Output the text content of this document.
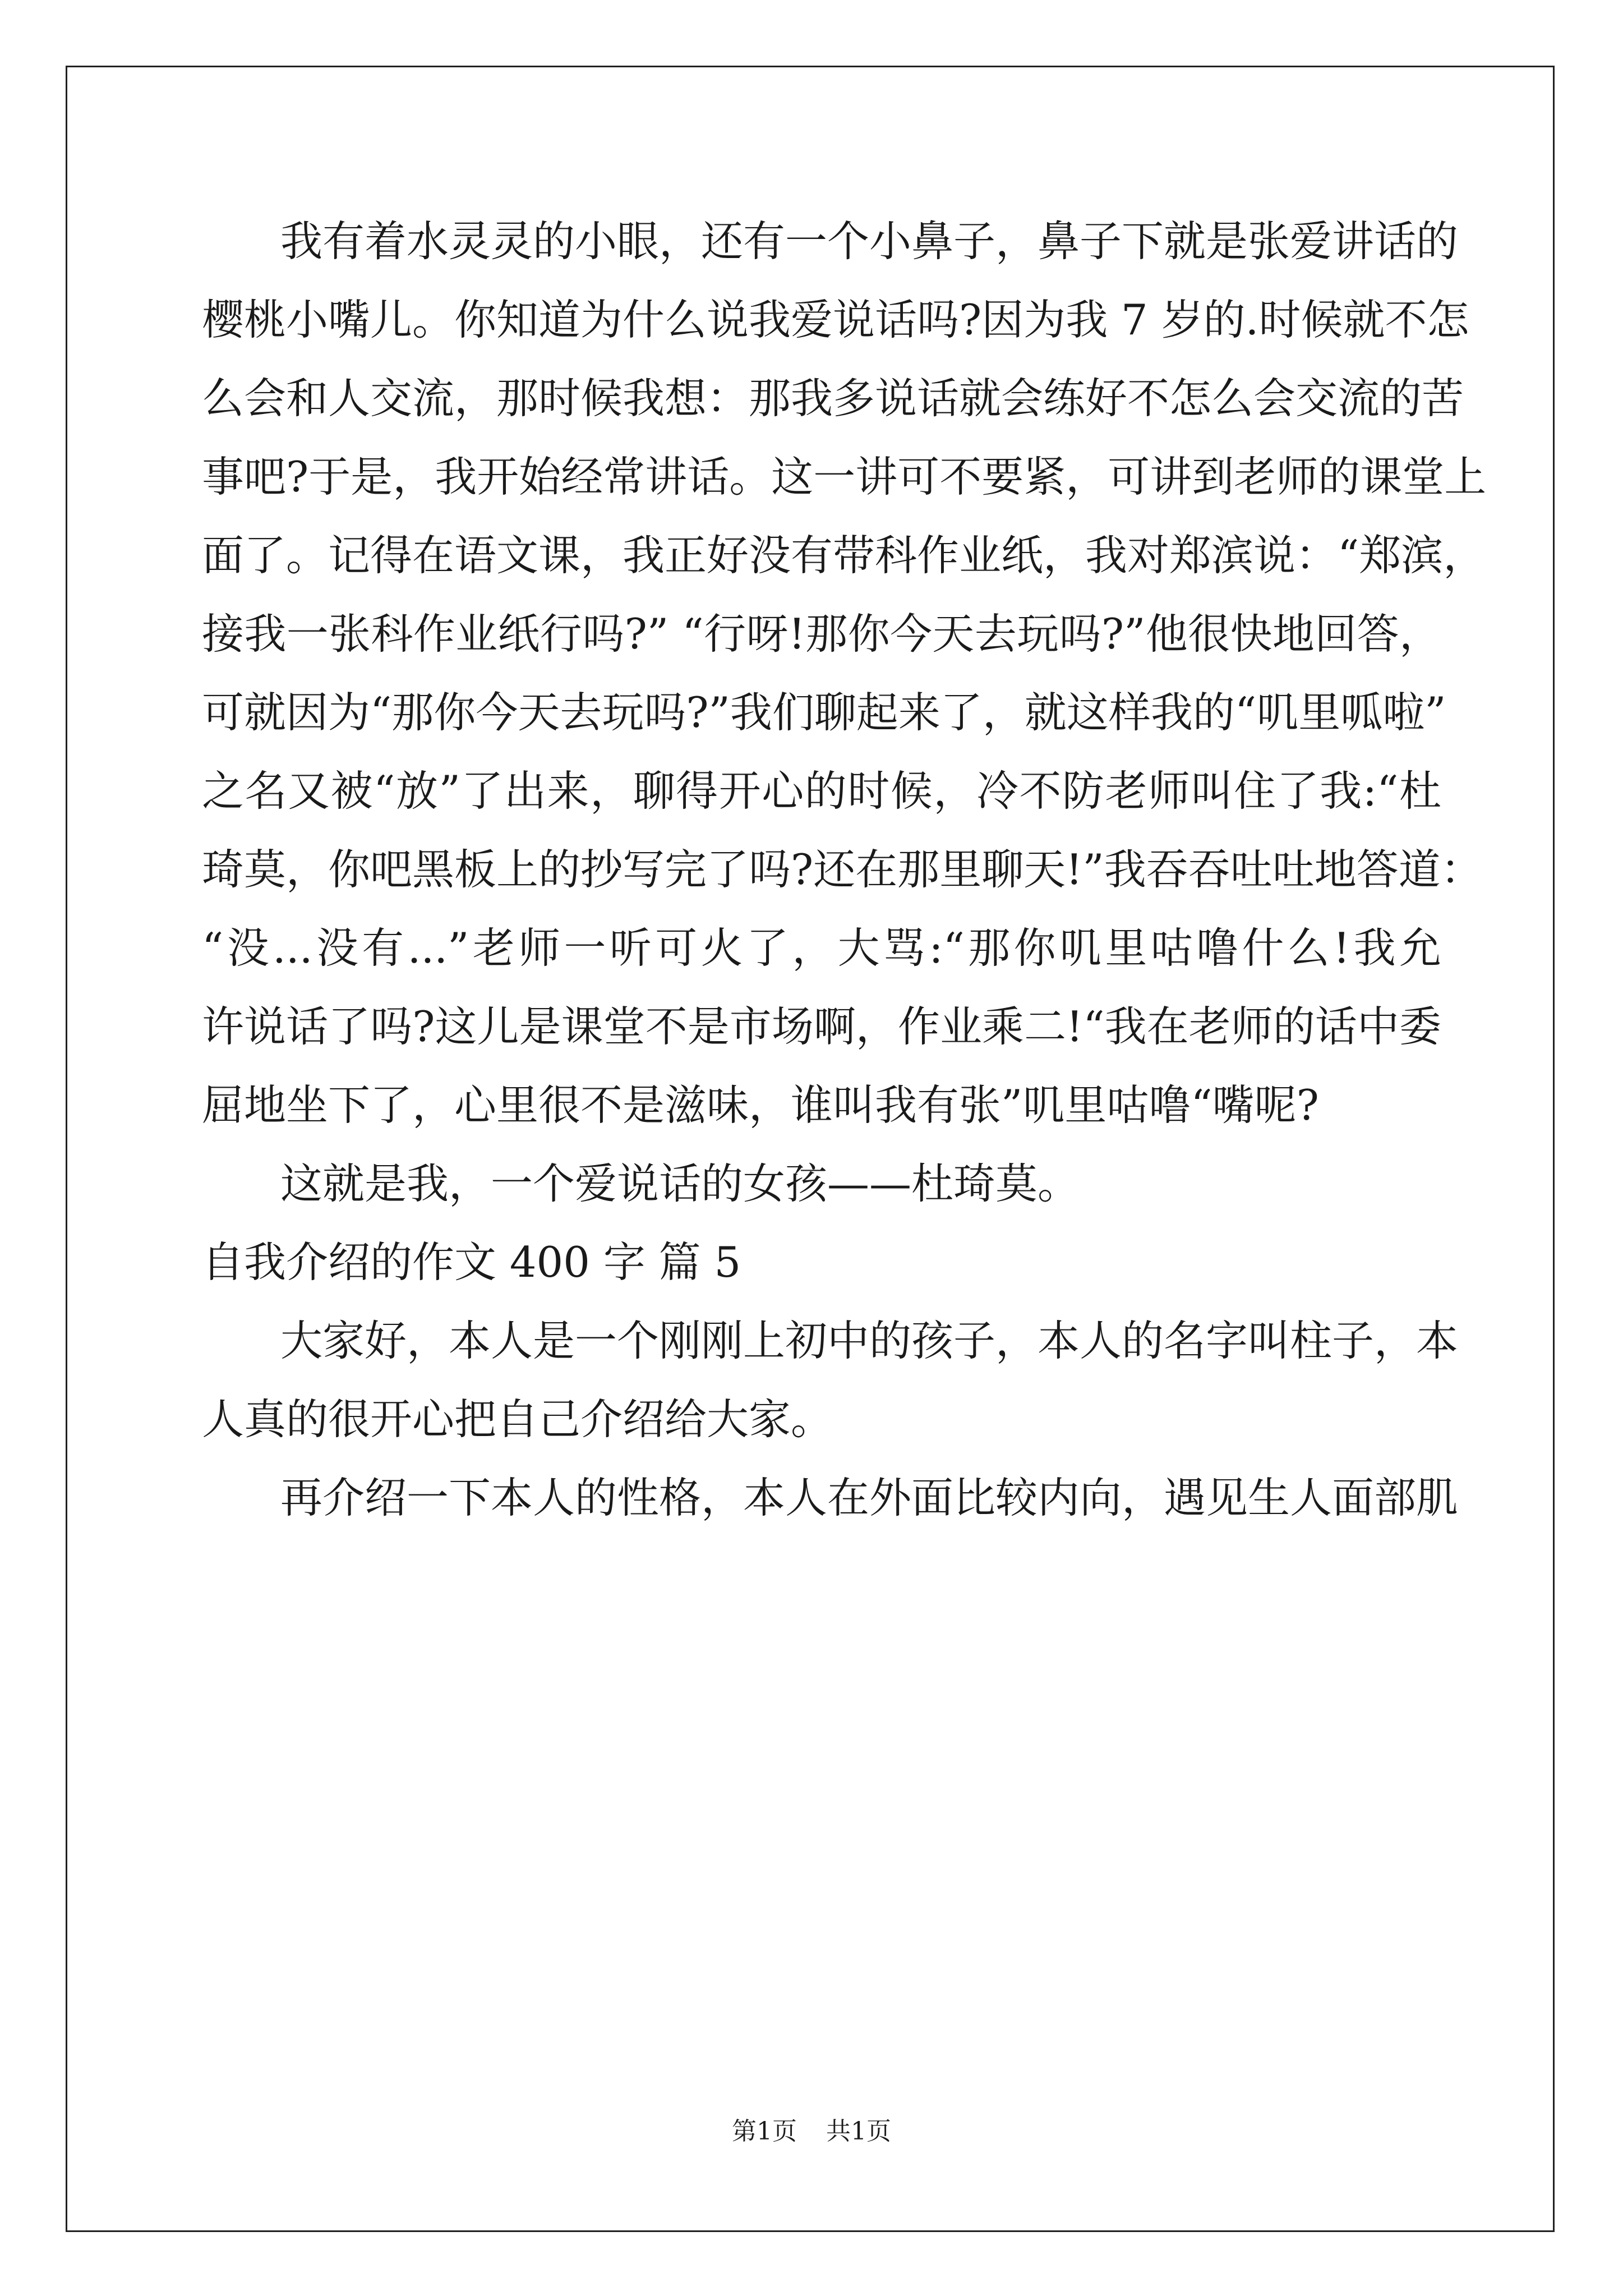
我有着水灵灵的小眼，还有一个小鼻子，鼻子下就是张爱讲话的
樱桃小嘴儿。你知道为什么说我爱说话吗?因为我 7 岁的.时候就不怎
么会和人交流，那时候我想：那我多说话就会练好不怎么会交流的苦
事吧?于是，我开始经常讲话。这一讲可不要紧，可讲到老师的课堂上
面了。记得在语文课，我正好没有带科作业纸，我对郑滨说：“郑滨，
接我一张科作业纸行吗?” “行呀!那你今天去玩吗?”他很快地回答，
可就因为“那你今天去玩吗?”我们聊起来了，就这样我的“叽里呱啦”
之名又被“放”了出来，聊得开心的时候，冷不防老师叫住了我:“杜
琦莫，你吧黑板上的抄写完了吗?还在那里聊天!”我吞吞吐吐地答道：
“没...没有...”老师一听可火了，大骂:“那你叽里咕噜什么!我允
许说话了吗?这儿是课堂不是市场啊，作业乘二!“我在老师的话中委
屈地坐下了，心里很不是滋味，谁叫我有张”叽里咕噜“嘴呢?
这就是我，一个爱说话的女孩——杜琦莫。
自我介绍的作文 400 字 篇 5
大家好，本人是一个刚刚上初中的孩子，本人的名字叫柱子，本
人真的很开心把自己介绍给大家。
再介绍一下本人的性格，本人在外面比较内向，遇见生人面部肌
第1页 共1页
